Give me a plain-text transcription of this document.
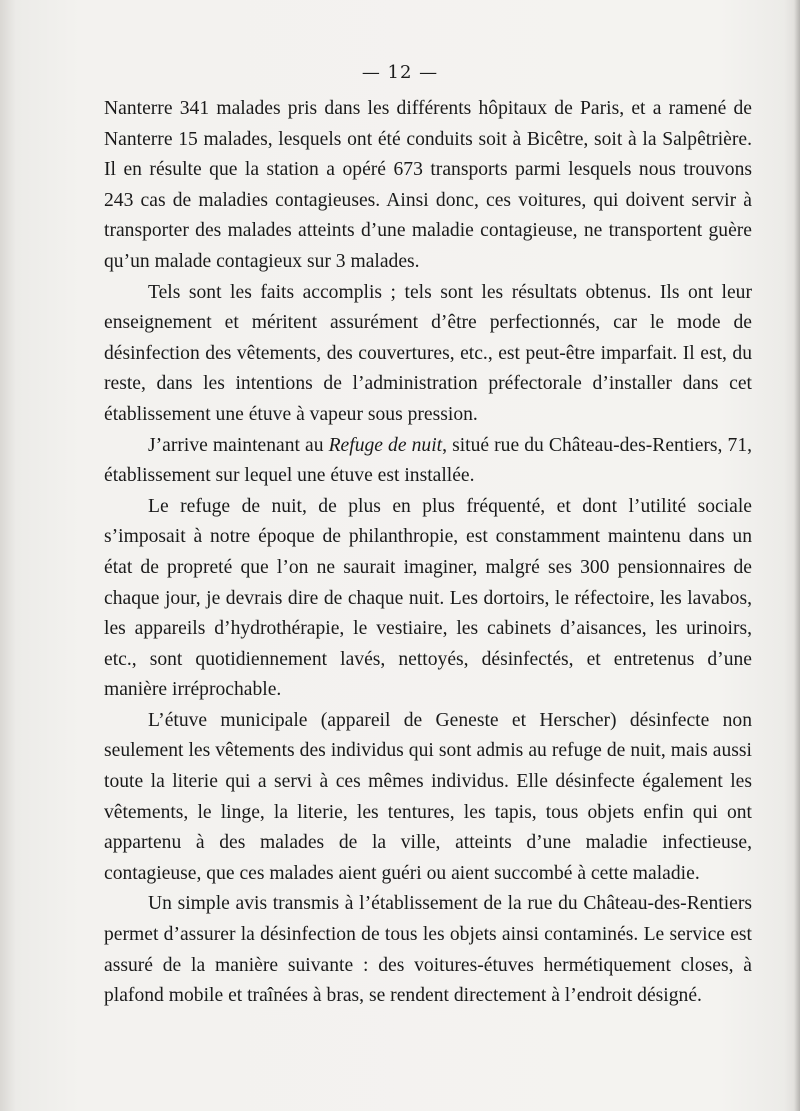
— 12 —

Nanterre 341 malades pris dans les différents hôpitaux de Paris, et a ramené de Nanterre 15 malades, lesquels ont été conduits soit à Bicêtre, soit à la Salpêtrière. Il en résulte que la station a opéré 673 transports parmi lesquels nous trouvons 243 cas de maladies contagieuses. Ainsi donc, ces voitures, qui doivent servir à transporter des malades atteints d’une maladie contagieuse, ne transportent guère qu’un malade contagieux sur 3 malades.

Tels sont les faits accomplis ; tels sont les résultats obtenus. Ils ont leur enseignement et méritent assurément d’être perfectionnés, car le mode de désinfection des vêtements, des couvertures, etc., est peut-être imparfait. Il est, du reste, dans les intentions de l’administration préfectorale d’installer dans cet établissement une étuve à vapeur sous pression.

J’arrive maintenant au Refuge de nuit, situé rue du Château-des-Rentiers, 71, établissement sur lequel une étuve est installée.

Le refuge de nuit, de plus en plus fréquenté, et dont l’utilité sociale s’imposait à notre époque de philanthropie, est constamment maintenu dans un état de propreté que l’on ne saurait imaginer, malgré ses 300 pensionnaires de chaque jour, je devrais dire de chaque nuit. Les dortoirs, le réfectoire, les lavabos, les appareils d’hydrothérapie, le vestiaire, les cabinets d’aisances, les urinoirs, etc., sont quotidiennement lavés, nettoyés, désinfectés, et entretenus d’une manière irréprochable.

L’étuve municipale (appareil de Geneste et Herscher) désinfecte non seulement les vêtements des individus qui sont admis au refuge de nuit, mais aussi toute la literie qui a servi à ces mêmes individus. Elle désinfecte également les vêtements, le linge, la literie, les tentures, les tapis, tous objets enfin qui ont appartenu à des malades de la ville, atteints d’une maladie infectieuse, contagieuse, que ces malades aient guéri ou aient succombé à cette maladie.

Un simple avis transmis à l’établissement de la rue du Château-des-Rentiers permet d’assurer la désinfection de tous les objets ainsi contaminés. Le service est assuré de la manière suivante : des voitures-étuves hermétiquement closes, à plafond mobile et traînées à bras, se rendent directement à l’endroit désigné.
